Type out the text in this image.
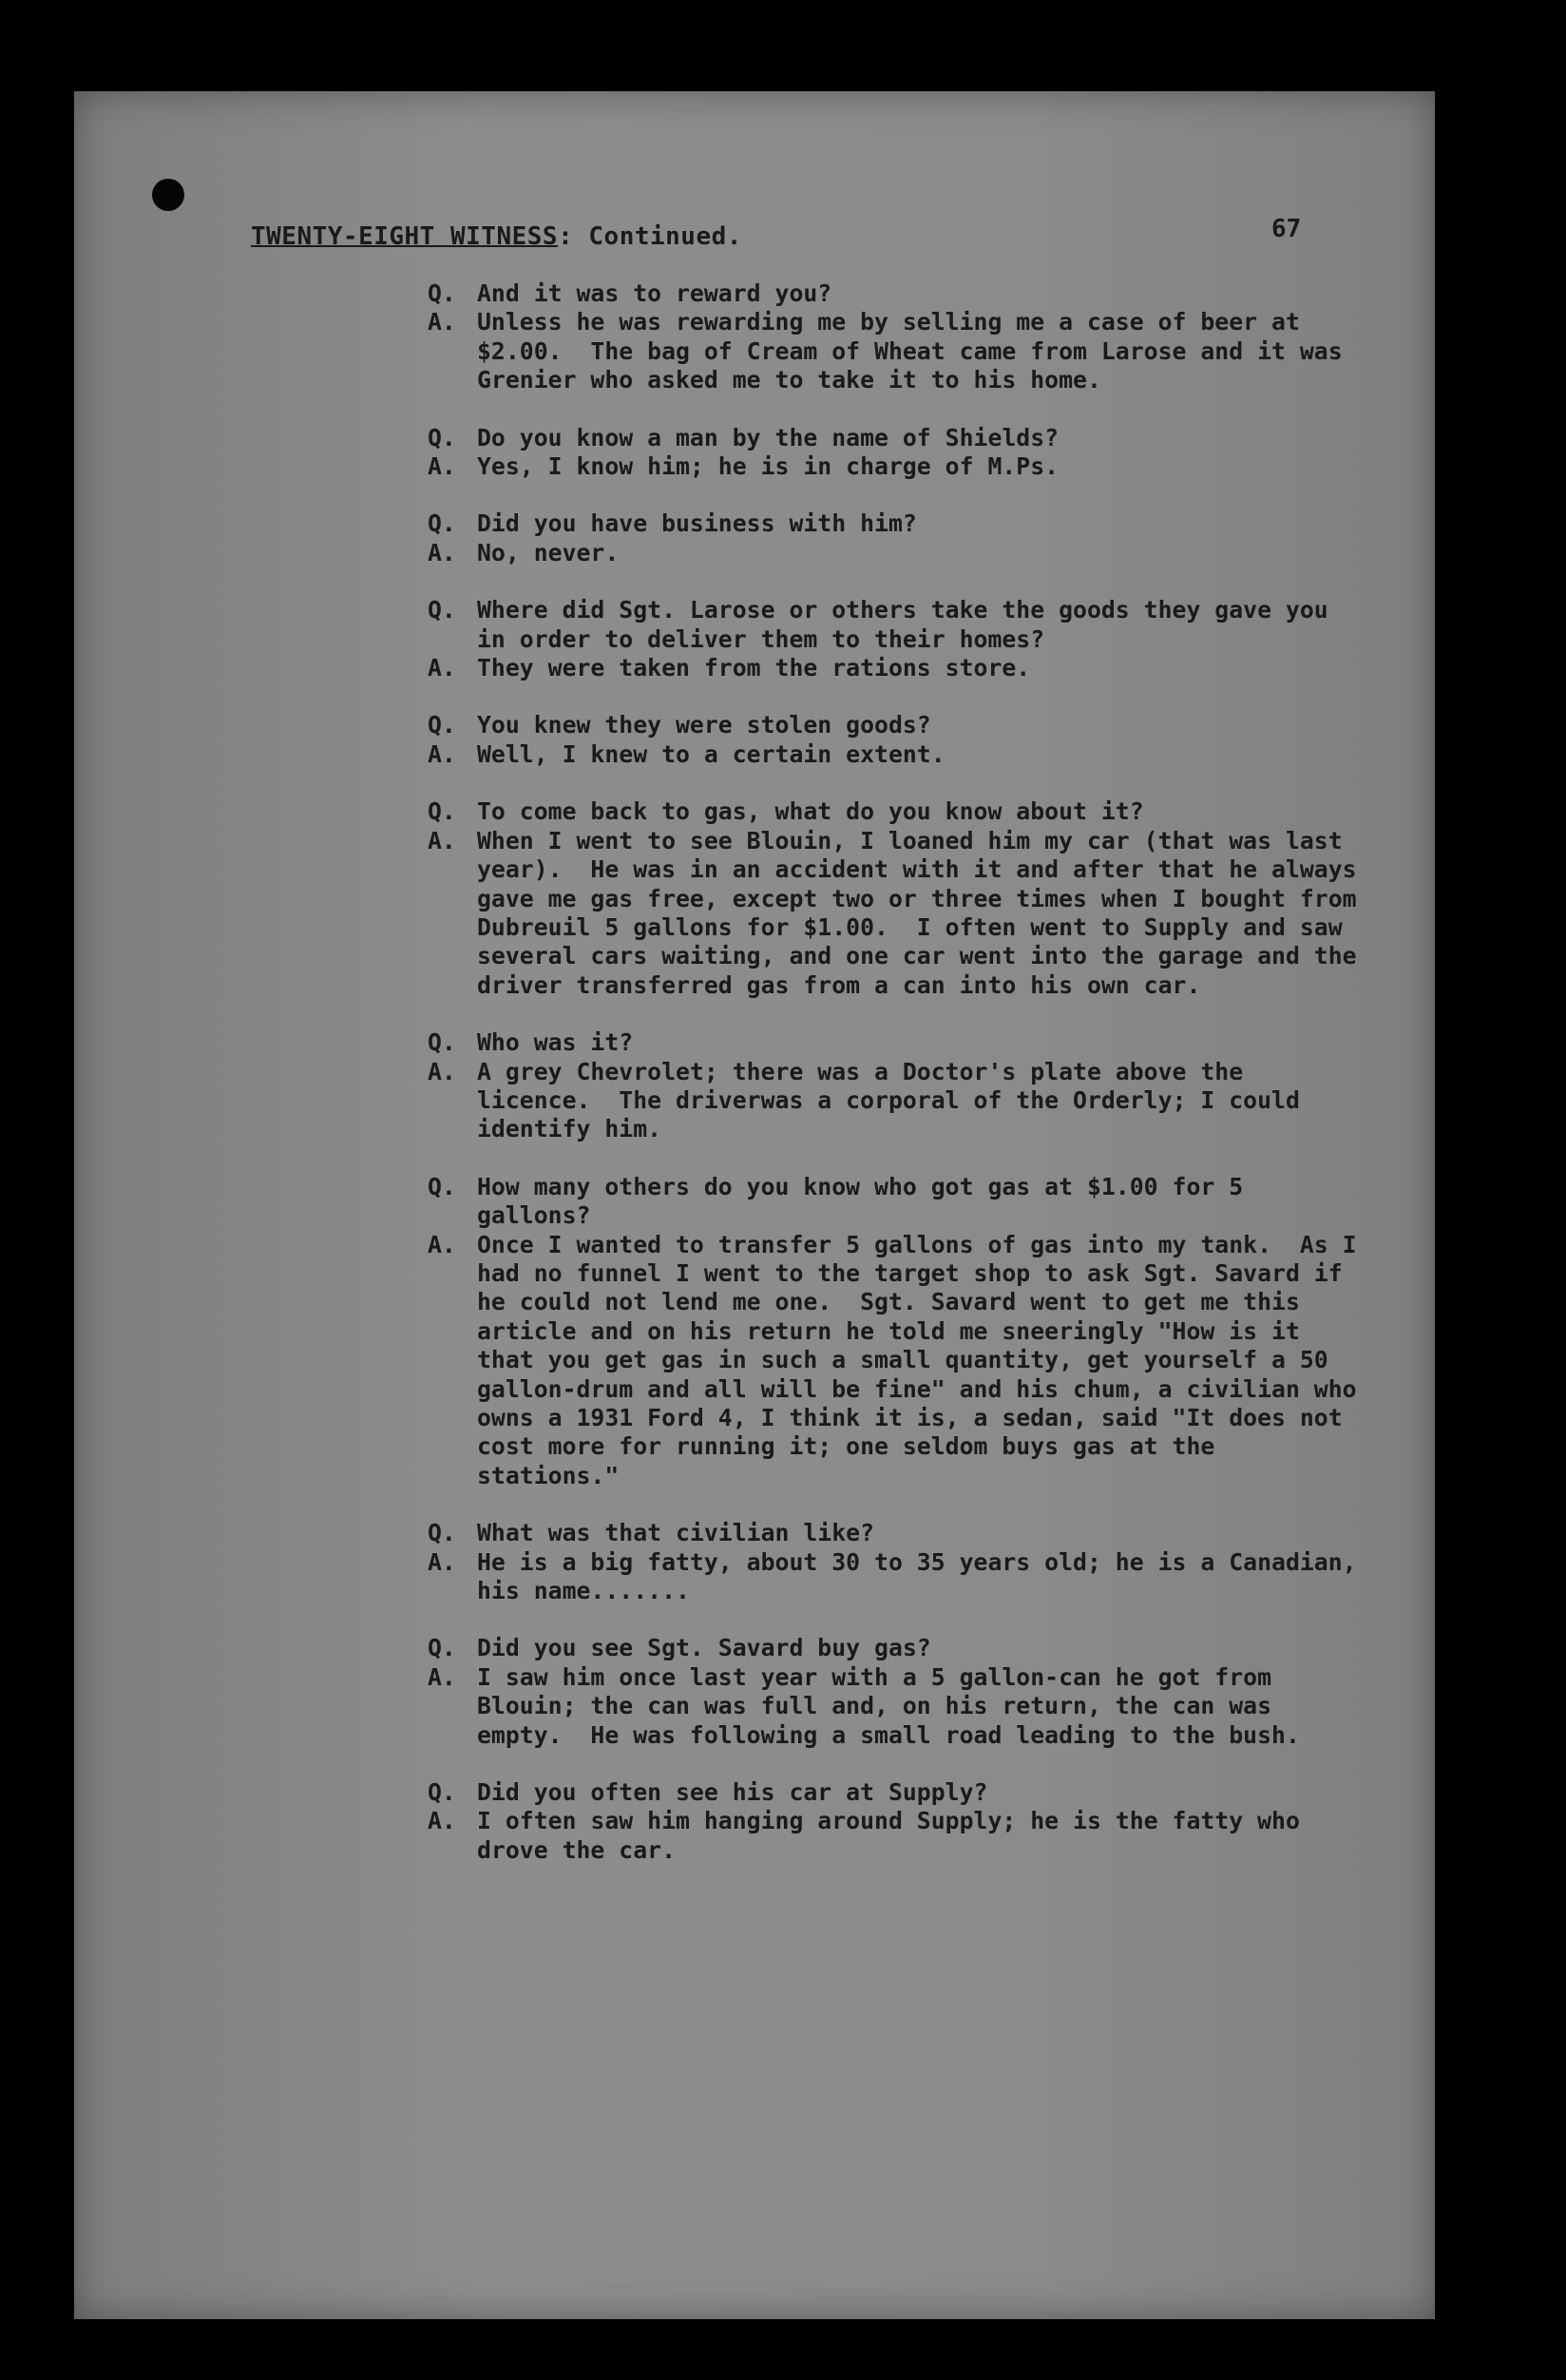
TWENTY-EIGHT WITNESS: Continued.	67
Q. And it was to reward you?
A. Unless he was rewarding me by selling me a case of beer at $2.00.  The bag of Cream of Wheat came from Larose and it was Grenier who asked me to take it to his home.
Q. Do you know a man by the name of Shields?
A. Yes, I know him; he is in charge of M.Ps.
Q. Did you have business with him?
A. No, never.
Q. Where did Sgt. Larose or others take the goods they gave you in order to deliver them to their homes?
A. They were taken from the rations store.
Q. You knew they were stolen goods?
A. Well, I knew to a certain extent.
Q. To come back to gas, what do you know about it?
A. When I went to see Blouin, I loaned him my car (that was last year).  He was in an accident with it and after that he always gave me gas free, except two or three times when I bought from Dubreuil 5 gallons for $1.00.  I often went to Supply and saw several cars waiting, and one car went into the garage and the driver transferred gas from a can into his own car.
Q. Who was it?
A. A grey Chevrolet; there was a Doctor's plate above the licence.  The driverwas a corporal of the Orderly; I could identify him.
Q. How many others do you know who got gas at $1.00 for 5 gallons?
A. Once I wanted to transfer 5 gallons of gas into my tank.  As I had no funnel I went to the target shop to ask Sgt. Savard if he could not lend me one.  Sgt. Savard went to get me this article and on his return he told me sneeringly "How is it that you get gas in such a small quantity, get yourself a 50 gallon-drum and all will be fine" and his chum, a civilian who owns a 1931 Ford 4, I think it is, a sedan, said "It does not cost more for running it; one seldom buys gas at the stations."
Q. What was that civilian like?
A. He is a big fatty, about 30 to 35 years old; he is a Canadian, his name.......
Q. Did you see Sgt. Savard buy gas?
A. I saw him once last year with a 5 gallon-can he got from Blouin; the can was full and, on his return, the can was empty.  He was following a small road leading to the bush.
Q. Did you often see his car at Supply?
A. I often saw him hanging around Supply; he is the fatty who drove the car.
